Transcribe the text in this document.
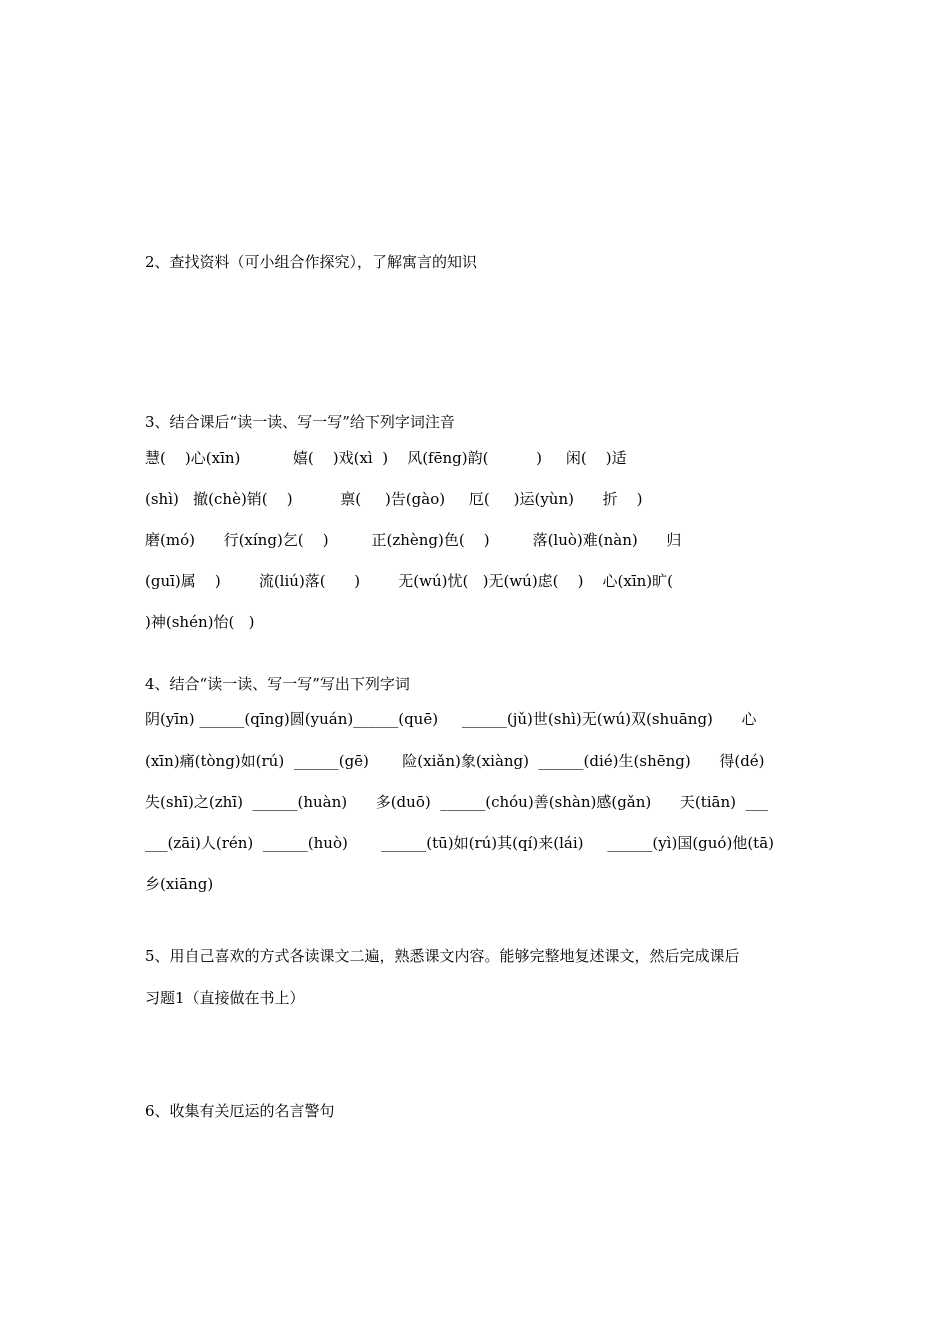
2、查找资料（可小组合作探究），了解寓言的知识
3、结合课后“读一读、写一写”给下列字词注音
慧(    )心(xīn)           嬉(    )戏(xì  )    风(fēng)韵(          )     闲(    )适
(shì)   撤(chè)销(    )          禀(     )告(gào)     厄(     )运(yùn)      折    )
磨(mó)      行(xíng)乞(    )         正(zhèng)色(    )         落(luò)难(nàn)      归
(guī)属    )        流(liú)落(      )        无(wú)忧(   )无(wú)虑(    )    心(xīn)旷(
)神(shén)怡(   )
4、结合“读一读、写一写”写出下列字词
阴(yīn) ______(qīng)圆(yuán)______(quē)     ______(jǔ)世(shì)无(wú)双(shuāng)      心
(xīn)痛(tòng)如(rú)  ______(gē)       险(xiǎn)象(xiàng)  ______(dié)生(shēng)      得(dé)
失(shī)之(zhī)  ______(huàn)      多(duō)  ______(chóu)善(shàn)感(gǎn)      天(tiān)  ___
___(zāi)人(rén)  ______(huò)       ______(tū)如(rú)其(qí)来(lái)     ______(yì)国(guó)他(tā)
乡(xiāng)
5、用自己喜欢的方式各读课文二遍，熟悉课文内容。能够完整地复述课文，然后完成课后
习题1（直接做在书上）
6、收集有关厄运的名言警句
